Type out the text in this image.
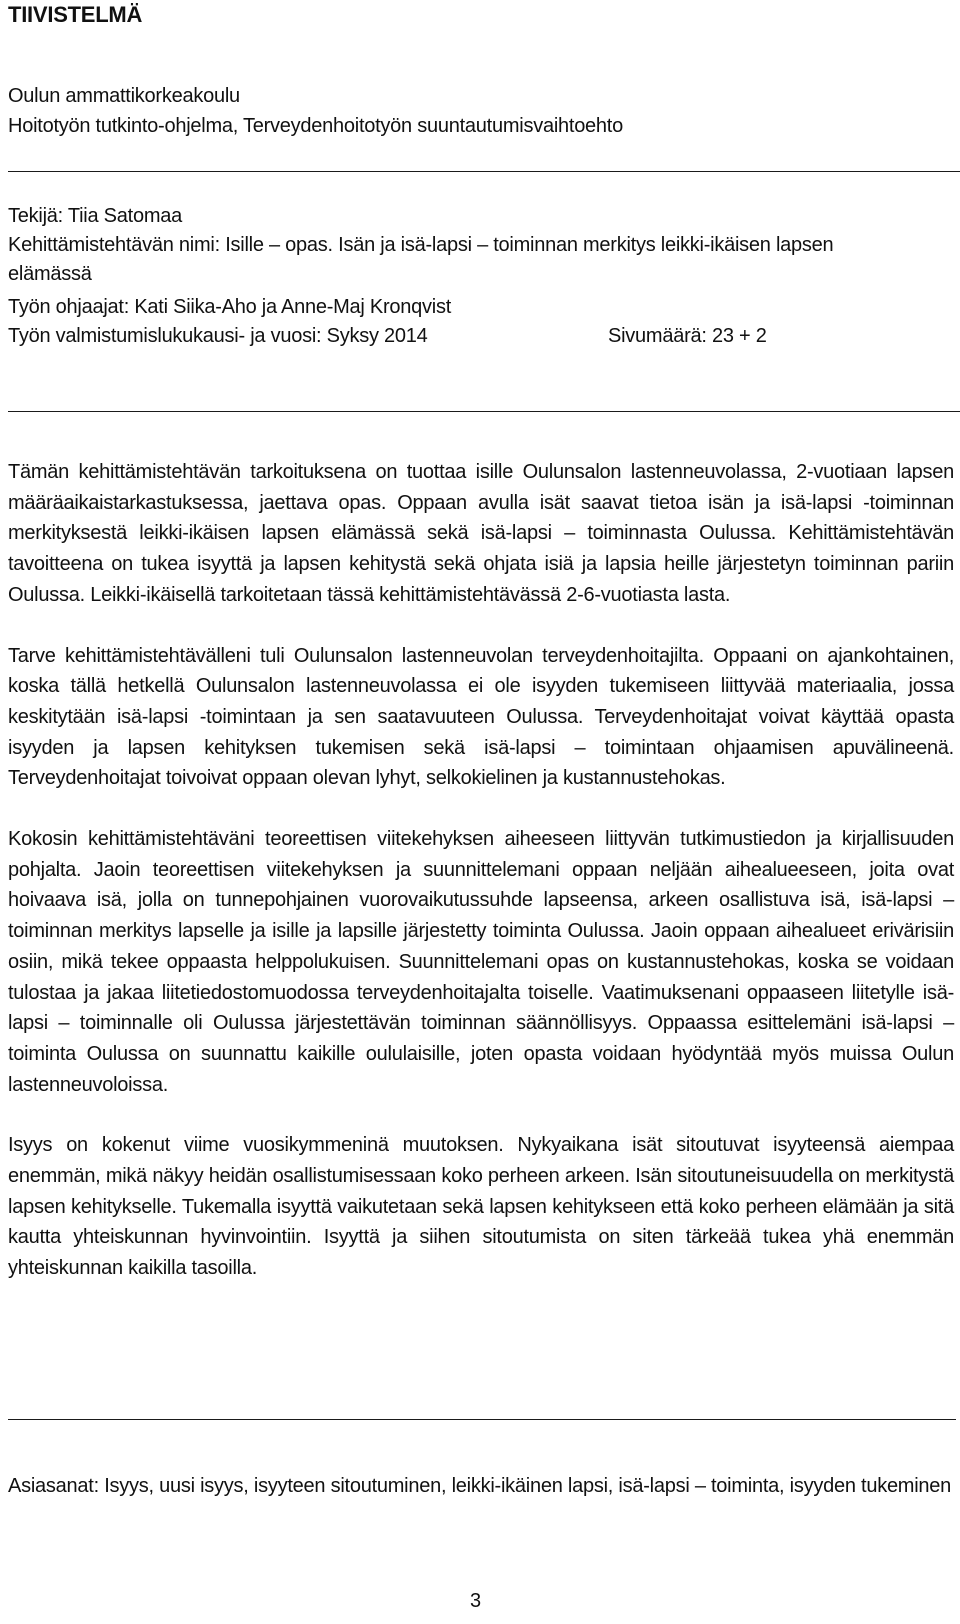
TIIVISTELMÄ
Oulun ammattikorkeakoulu
Hoitotyön tutkinto-ohjelma, Terveydenhoitotyön suuntautumisvaihtoehto
Tekijä: Tiia Satomaa
Kehittämistehtävän nimi: Isille – opas. Isän ja isä-lapsi – toiminnan merkitys leikki-ikäisen lapsen
elämässä
Työn ohjaajat: Kati Siika-Aho ja Anne-Maj Kronqvist
Työn valmistumislukukausi- ja vuosi: Syksy 2014	Sivumäärä: 23 + 2

Tämän kehittämistehtävän tarkoituksena on tuottaa isille Oulunsalon lastenneuvolassa, 2-vuotiaan lapsen määräaikaistarkastuksessa, jaettava opas. Oppaan avulla isät saavat tietoa isän ja isä-lapsi -toiminnan merkityksestä leikki-ikäisen lapsen elämässä sekä isä-lapsi – toiminnasta Oulussa. Kehittämistehtävän tavoitteena on tukea isyyttä ja lapsen kehitystä sekä ohjata isiä ja lapsia heille järjestetyn toiminnan pariin Oulussa. Leikki-ikäisellä tarkoitetaan tässä kehittämistehtävässä 2-6-vuotiasta lasta.

Tarve kehittämistehtävälleni tuli Oulunsalon lastenneuvolan terveydenhoitajilta. Oppaani on ajankohtainen, koska tällä hetkellä Oulunsalon lastenneuvolassa ei ole isyyden tukemiseen liittyvää materiaalia, jossa keskitytään isä-lapsi -toimintaan ja sen saatavuuteen Oulussa. Terveydenhoitajat voivat käyttää opasta isyyden ja lapsen kehityksen tukemisen sekä isä-lapsi – toimintaan ohjaamisen apuvälineenä. Terveydenhoitajat toivoivat oppaan olevan lyhyt, selkokielinen ja kustannustehokas.

Kokosin kehittämistehtäväni teoreettisen viitekehyksen aiheeseen liittyvän tutkimustiedon ja kirjallisuuden pohjalta. Jaoin teoreettisen viitekehyksen ja suunnittelemani oppaan neljään aihealueeseen, joita ovat hoivaava isä, jolla on tunnepohjainen vuorovaikutussuhde lapseensa, arkeen osallistuva isä, isä-lapsi – toiminnan merkitys lapselle ja isille ja lapsille järjestetty toiminta Oulussa. Jaoin oppaan aihealueet erivärisiin osiin, mikä tekee oppaasta helppolukuisen. Suunnittelemani opas on kustannustehokas, koska se voidaan tulostaa ja jakaa liitetiedostomuodossa terveydenhoitajalta toiselle. Vaatimuksenani oppaaseen liitetylle isä-lapsi – toiminnalle oli Oulussa järjestettävän toiminnan säännöllisyys. Oppaassa esittelemäni isä-lapsi – toiminta Oulussa on suunnattu kaikille oululaisille, joten opasta voidaan hyödyntää myös muissa Oulun lastenneuvoloissa.

Isyys on kokenut viime vuosikymmeninä muutoksen. Nykyaikana isät sitoutuvat isyyteensä aiempaa enemmän, mikä näkyy heidän osallistumisessaan koko perheen arkeen. Isän sitoutuneisuudella on merkitystä lapsen kehitykselle. Tukemalla isyyttä vaikutetaan sekä lapsen kehitykseen että koko perheen elämään ja sitä kautta yhteiskunnan hyvinvointiin. Isyyttä ja siihen sitoutumista on siten tärkeää tukea yhä enemmän yhteiskunnan kaikilla tasoilla.

Asiasanat: Isyys, uusi isyys, isyyteen sitoutuminen, leikki-ikäinen lapsi, isä-lapsi – toiminta, isyyden tukeminen

3
